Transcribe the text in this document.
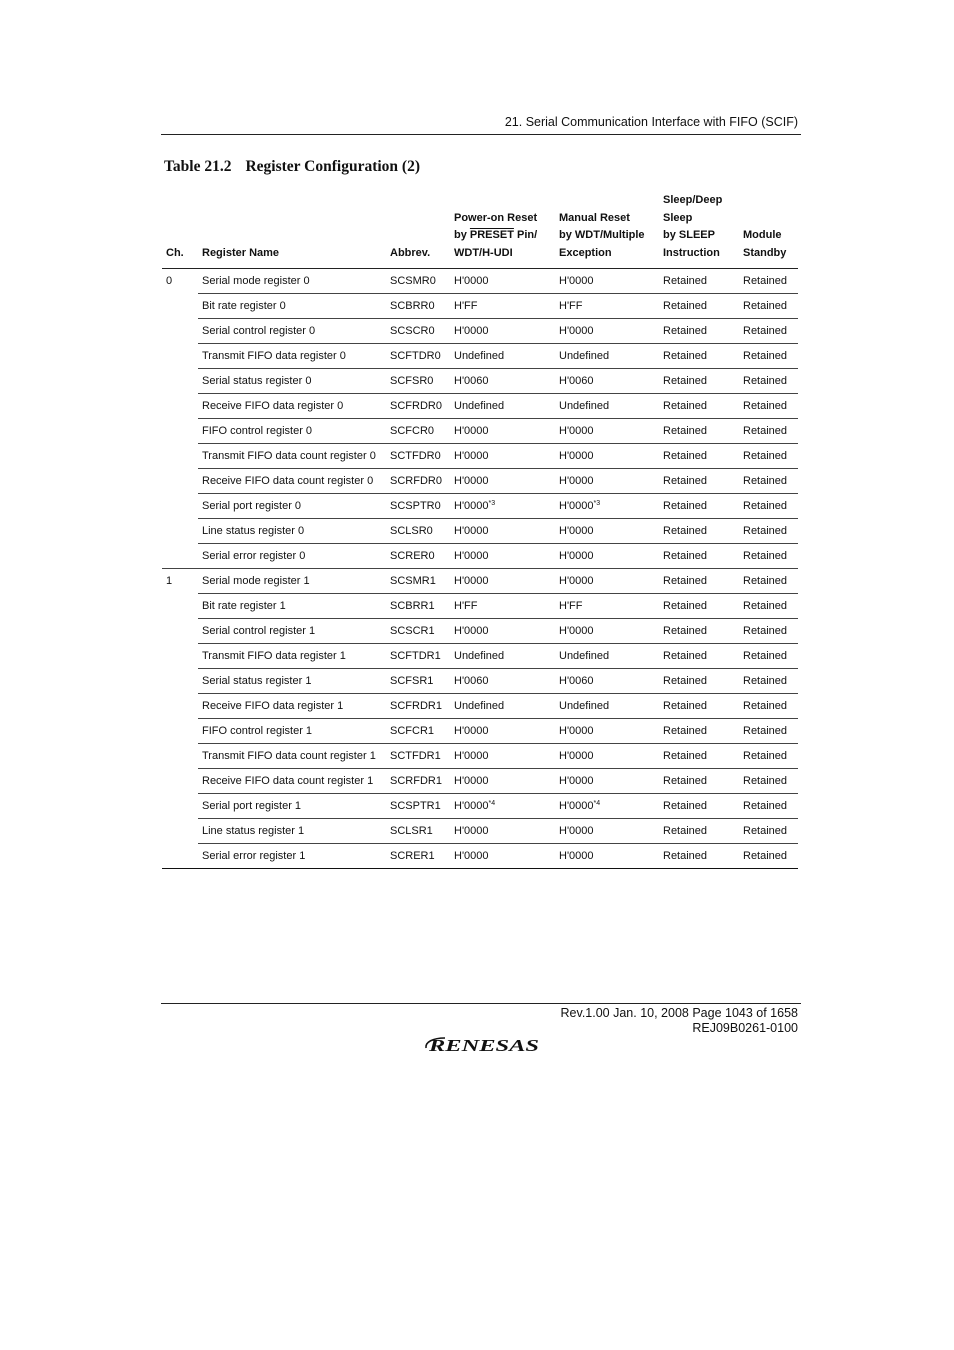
21. Serial Communication Interface with FIFO (SCIF)
Table 21.2 Register Configuration (2)
Ch.	Register Name	Abbrev.	Power-on Reset
by PRESET Pin/
WDT/H-UDI	Manual Reset
by WDT/Multiple
Exception	Sleep/Deep
Sleep
by SLEEP
Instruction	Module
Standby
0	Serial mode register 0	SCSMR0	H'0000	H'0000	Retained	Retained
	Bit rate register 0	SCBRR0	H'FF	H'FF	Retained	Retained
	Serial control register 0	SCSCR0	H'0000	H'0000	Retained	Retained
	Transmit FIFO data register 0	SCFTDR0	Undefined	Undefined	Retained	Retained
	Serial status register 0	SCFSR0	H'0060	H'0060	Retained	Retained
	Receive FIFO data register 0	SCFRDR0	Undefined	Undefined	Retained	Retained
	FIFO control register 0	SCFCR0	H'0000	H'0000	Retained	Retained
	Transmit FIFO data count register 0	SCTFDR0	H'0000	H'0000	Retained	Retained
	Receive FIFO data count register 0	SCRFDR0	H'0000	H'0000	Retained	Retained
	Serial port register 0	SCSPTR0	H'0000$^{*3}$	H'0000$^{*3}$	Retained	Retained
	Line status register 0	SCLSR0	H'0000	H'0000	Retained	Retained
	Serial error register 0	SCRER0	H'0000	H'0000	Retained	Retained
1	Serial mode register 1	SCSMR1	H'0000	H'0000	Retained	Retained
	Bit rate register 1	SCBRR1	H'FF	H'FF	Retained	Retained
	Serial control register 1	SCSCR1	H'0000	H'0000	Retained	Retained
	Transmit FIFO data register 1	SCFTDR1	Undefined	Undefined	Retained	Retained
	Serial status register 1	SCFSR1	H'0060	H'0060	Retained	Retained
	Receive FIFO data register 1	SCFRDR1	Undefined	Undefined	Retained	Retained
	FIFO control register 1	SCFCR1	H'0000	H'0000	Retained	Retained
	Transmit FIFO data count register 1	SCTFDR1	H'0000	H'0000	Retained	Retained
	Receive FIFO data count register 1	SCRFDR1	H'0000	H'0000	Retained	Retained
	Serial port register 1	SCSPTR1	H'0000$^{*4}$	H'0000$^{*4}$	Retained	Retained
	Line status register 1	SCLSR1	H'0000	H'0000	Retained	Retained
	Serial error register 1	SCRER1	H'0000	H'0000	Retained	Retained
Rev.1.00 Jan. 10, 2008 Page 1043 of 1658
REJ09B0261-0100
RENESAS
